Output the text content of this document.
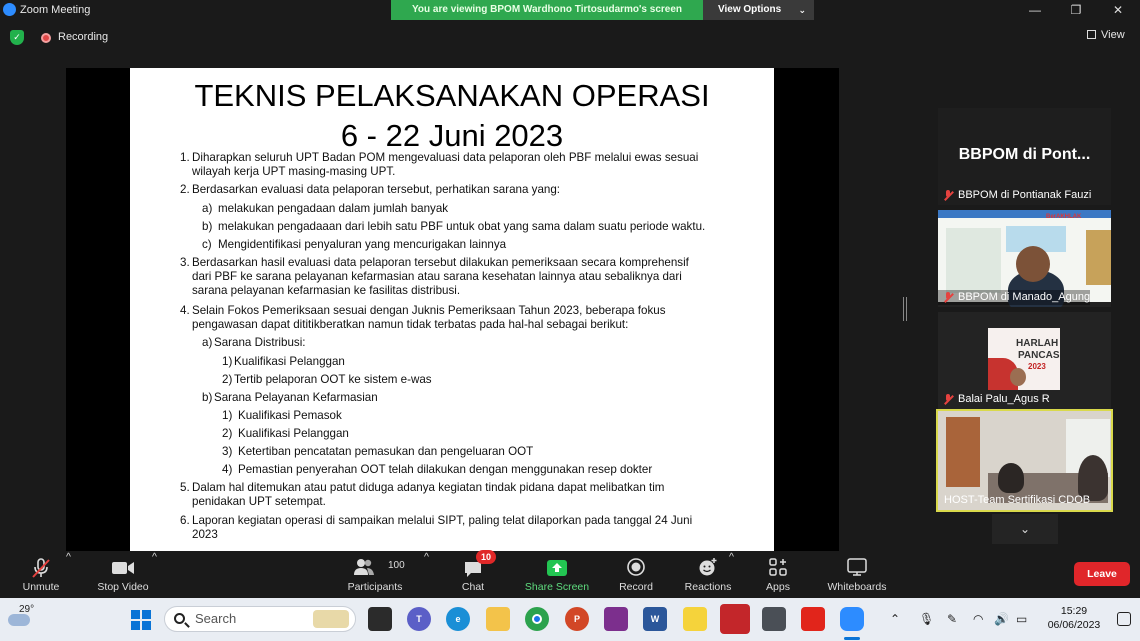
Zoom Meeting	You are viewing BPOM Wardhono Tirtosudarmo's screen	View Options ⌄	—	❐	✕
✓	Recording	View
TEKNIS PELAKSANAKAN OPERASI
6 - 22 Juni 2023
1. Diharapkan seluruh UPT Badan POM mengevaluasi data pelaporan oleh PBF melalui ewas sesuai
wilayah kerja UPT masing-masing UPT.
2. Berdasarkan evaluasi data pelaporan tersebut, perhatikan sarana yang:
a) melakukan pengadaan dalam jumlah banyak
b) melakukan pengadaaan dari lebih satu PBF untuk obat yang sama dalam suatu periode waktu.
c) Mengidentifikasi penyaluran yang mencurigakan lainnya
3. Berdasarkan hasil evaluasi data pelaporan tersebut dilakukan pemeriksaan secara komprehensif
dari PBF ke sarana pelayanan kefarmasian atau sarana kesehatan lainnya atau sebaliknya dari
sarana pelayanan kefarmasian ke fasilitas distribusi.
4. Selain Fokos Pemeriksaan sesuai dengan Juknis Pemeriksaan Tahun 2023, beberapa fokus
pengawasan dapat dititikberatkan namun tidak terbatas pada hal-hal sebagai berikut:
a) Sarana Distribusi:
1) Kualifikasi Pelanggan
2) Tertib pelaporan OOT ke sistem e-was
b) Sarana Pelayanan Kefarmasian
1) Kualifikasi Pemasok
2) Kualifikasi Pelanggan
3) Ketertiban pencatatan pemasukan dan pengeluaran OOT
4) Pemastian penyerahan OOT telah dilakukan dengan menggunakan resep dokter
5. Dalam hal ditemukan atau patut diduga adanya kegiatan tindak pidana dapat melibatkan tim
penidakan UPT setempat.
6. Laporan kegiatan operasi di sampaikan melalui SIPT, paling telat dilaporkan pada tanggal 24 Juni
2023
BBPOM di Pont...
BBPOM di Pontianak Fauzi
BerAKHLAK
BBPOM di Manado_Agung
HARLAH
PANCAS
2023
Balai Palu_Agus R
HOST-Team Sertifikasi CDOB
⌄
Unmute
^
Stop Video
^
100
Participants
^	10
Chat	Share Screen	Record	Reactions
^
Apps	Whiteboards
Leave
Search	T	e	P	W
29°
⌃ 🎙 ✎ ◠ 🔊 ▭
15:29
06/06/2023
